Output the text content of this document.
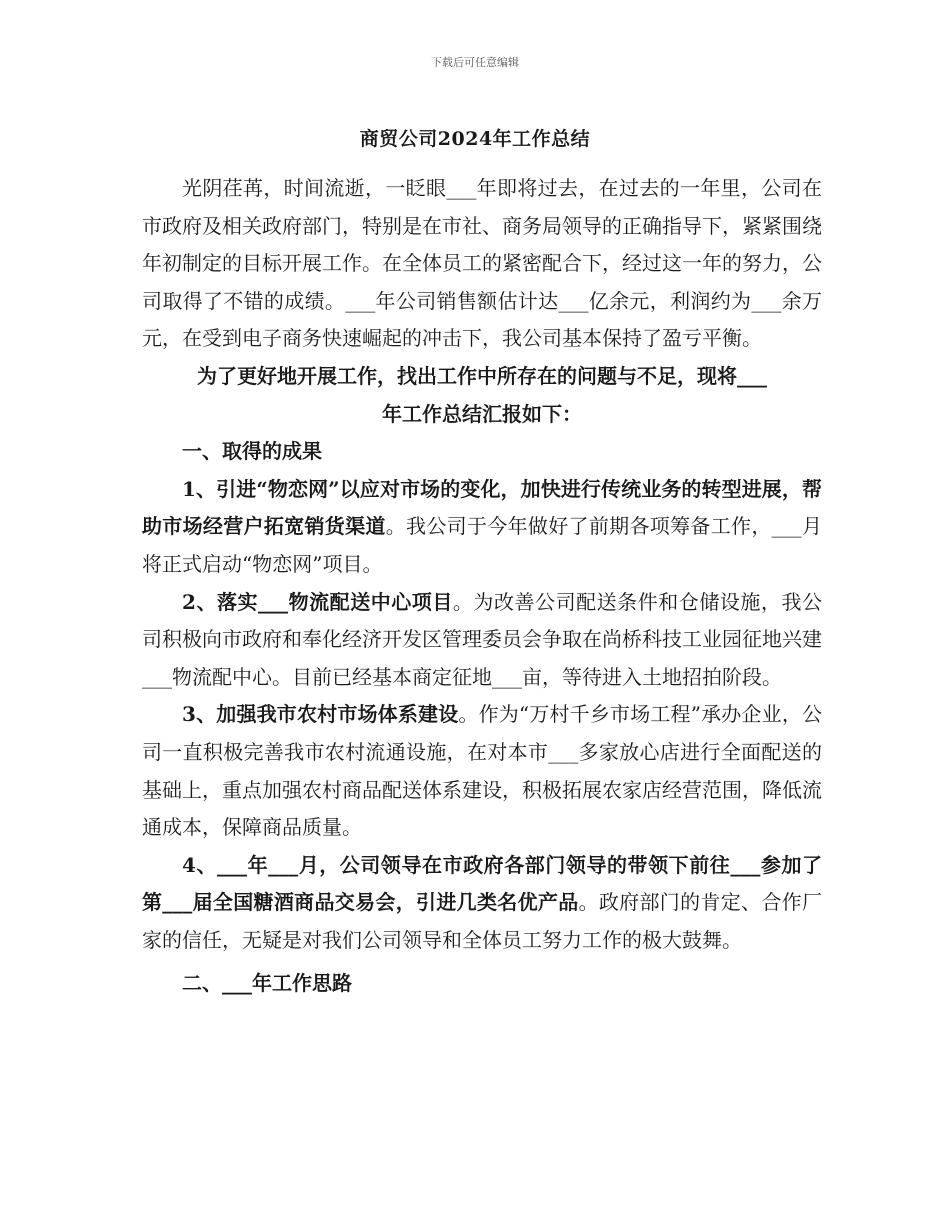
下载后可任意编辑
商贸公司2024年工作总结

光阴荏苒，时间流逝，一眨眼___年即将过去，在过去的一年里，公司在市政府及相关政府部门，特别是在市社、商务局领导的正确指导下，紧紧围绕年初制定的目标开展工作。在全体员工的紧密配合下，经过这一年的努力，公司取得了不错的成绩。___年公司销售额估计达___亿余元，利润约为___余万元，在受到电子商务快速崛起的冲击下，我公司基本保持了盈亏平衡。

为了更好地开展工作，找出工作中所存在的问题与不足，现将___

年工作总结汇报如下：

一、取得的成果

1、引进“物恋网”以应对市场的变化，加快进行传统业务的转型进展，帮助市场经营户拓宽销货渠道。我公司于今年做好了前期各项筹备工作，___月将正式启动“物恋网”项目。

2、落实___物流配送中心项目。为改善公司配送条件和仓储设施，我公司积极向市政府和奉化经济开发区管理委员会争取在尚桥科技工业园征地兴建___物流配中心。目前已经基本商定征地___亩，等待进入土地招拍阶段。

3、加强我市农村市场体系建设。作为“万村千乡市场工程”承办企业，公司一直积极完善我市农村流通设施，在对本市___多家放心店进行全面配送的基础上，重点加强农村商品配送体系建设，积极拓展农家店经营范围，降低流通成本，保障商品质量。

4、___年___月，公司领导在市政府各部门领导的带领下前往___参加了第___届全国糖酒商品交易会，引进几类名优产品。政府部门的肯定、合作厂家的信任，无疑是对我们公司领导和全体员工努力工作的极大鼓舞。

二、___年工作思路
